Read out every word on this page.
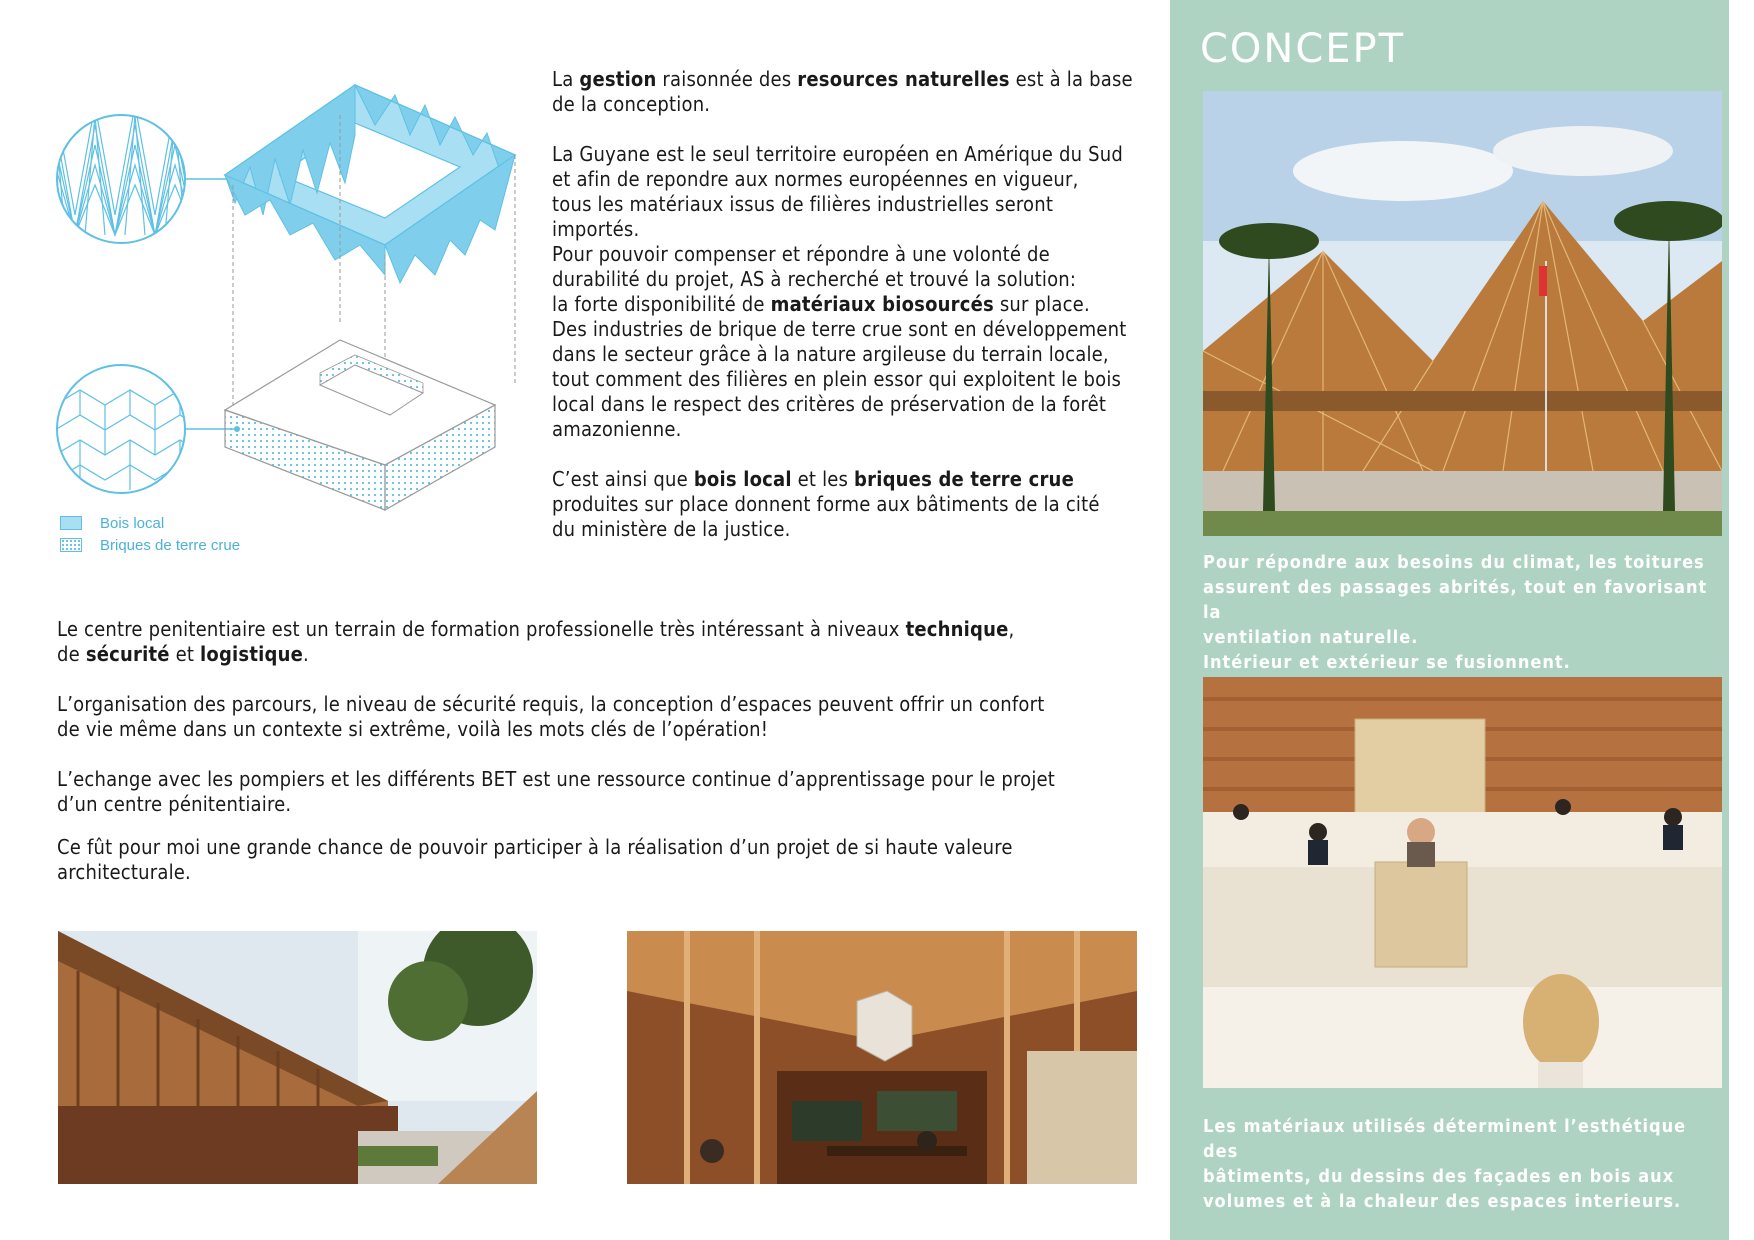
Bois local
Briques de terre crue

La gestion raisonnée des resources naturelles est à la base
de la conception.

La Guyane est le seul territoire européen en Amérique du Sud
et afin de repondre aux normes européennes en vigueur,
tous les matériaux issus de filières industrielles seront
importés.
Pour pouvoir compenser et répondre à une volonté de
durabilité du projet, AS à recherché et trouvé la solution:
la forte disponibilité de matériaux biosourcés sur place.
Des industries de brique de terre crue sont en développement
dans le secteur grâce à la nature argileuse du terrain locale,
tout comment des filières en plein essor qui exploitent le bois
local dans le respect des critères de préservation de la forêt
amazonienne.

C’est ainsi que bois local et les briques de terre crue
produites sur place donnent forme aux bâtiments de la cité
du ministère de la justice.

Le centre penitentiaire est un terrain de formation professionelle très intéressant à niveaux technique,
de sécurité et logistique.

L’organisation des parcours, le niveau de sécurité requis, la conception d’espaces peuvent offrir un confort
de vie même dans un contexte si extrême, voilà les mots clés de l’opération!

L’echange avec les pompiers et les différents BET est une ressource continue d’apprentissage pour le projet
d’un centre pénitentiaire.

Ce fût pour moi une grande chance de pouvoir participer à la réalisation d’un projet de si haute valeure
architecturale.

CONCEPT
Pour répondre aux besoins du climat, les toitures
assurent des passages abrités, tout en favorisant la
ventilation naturelle.
Intérieur et extérieur se fusionnent.
Les matériaux utilisés déterminent l’esthétique des
bâtiments, du dessins des façades en bois aux
volumes et à la chaleur des espaces interieurs.
